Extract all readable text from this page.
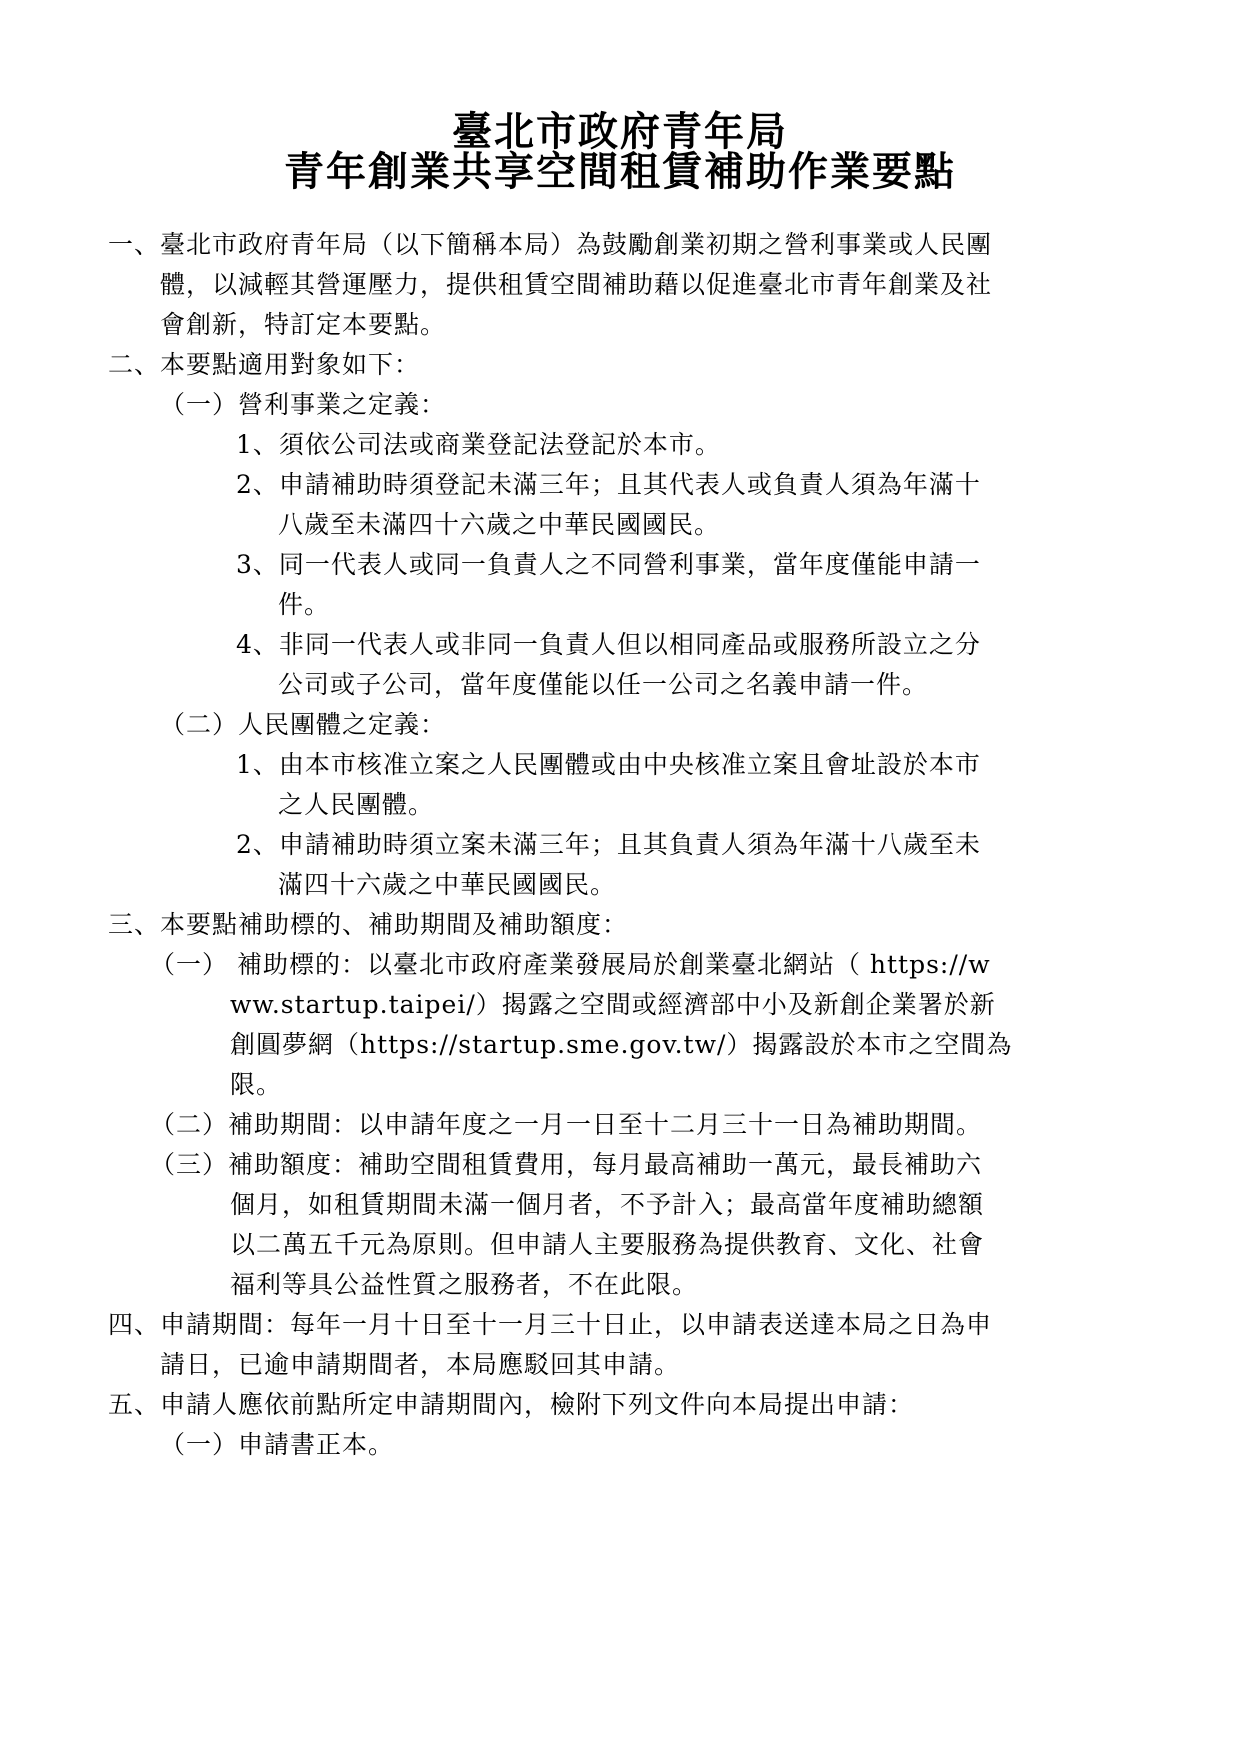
臺北市政府青年局
青年創業共享空間租賃補助作業要點
一、臺北市政府青年局（以下簡稱本局）為鼓勵創業初期之營利事業或人民團
體，以減輕其營運壓力，提供租賃空間補助藉以促進臺北市青年創業及社
會創新，特訂定本要點。
二、本要點適用對象如下：
（一）營利事業之定義：
1、須依公司法或商業登記法登記於本市。
2、申請補助時須登記未滿三年；且其代表人或負責人須為年滿十
八歲至未滿四十六歲之中華民國國民。
3、同一代表人或同一負責人之不同營利事業，當年度僅能申請一
件。
4、非同一代表人或非同一負責人但以相同產品或服務所設立之分
公司或子公司，當年度僅能以任一公司之名義申請一件。
（二）人民團體之定義：
1、由本市核准立案之人民團體或由中央核准立案且會址設於本市
之人民團體。
2、申請補助時須立案未滿三年；且其負責人須為年滿十八歲至未
滿四十六歲之中華民國國民。
三、本要點補助標的、補助期間及補助額度：
（一） 補助標的：以臺北市政府產業發展局於創業臺北網站（ https://w
ww.startup.taipei/）揭露之空間或經濟部中小及新創企業署於新
創圓夢網（https://startup.sme.gov.tw/）揭露設於本市之空間為
限。
（二）補助期間：以申請年度之一月一日至十二月三十一日為補助期間。
（三）補助額度：補助空間租賃費用，每月最高補助一萬元，最長補助六
個月，如租賃期間未滿一個月者，不予計入；最高當年度補助總額
以二萬五千元為原則。但申請人主要服務為提供教育、文化、社會
福利等具公益性質之服務者，不在此限。
四、申請期間：每年一月十日至十一月三十日止，以申請表送達本局之日為申
請日，已逾申請期間者，本局應駁回其申請。
五、申請人應依前點所定申請期間內，檢附下列文件向本局提出申請：
（一）申請書正本。
